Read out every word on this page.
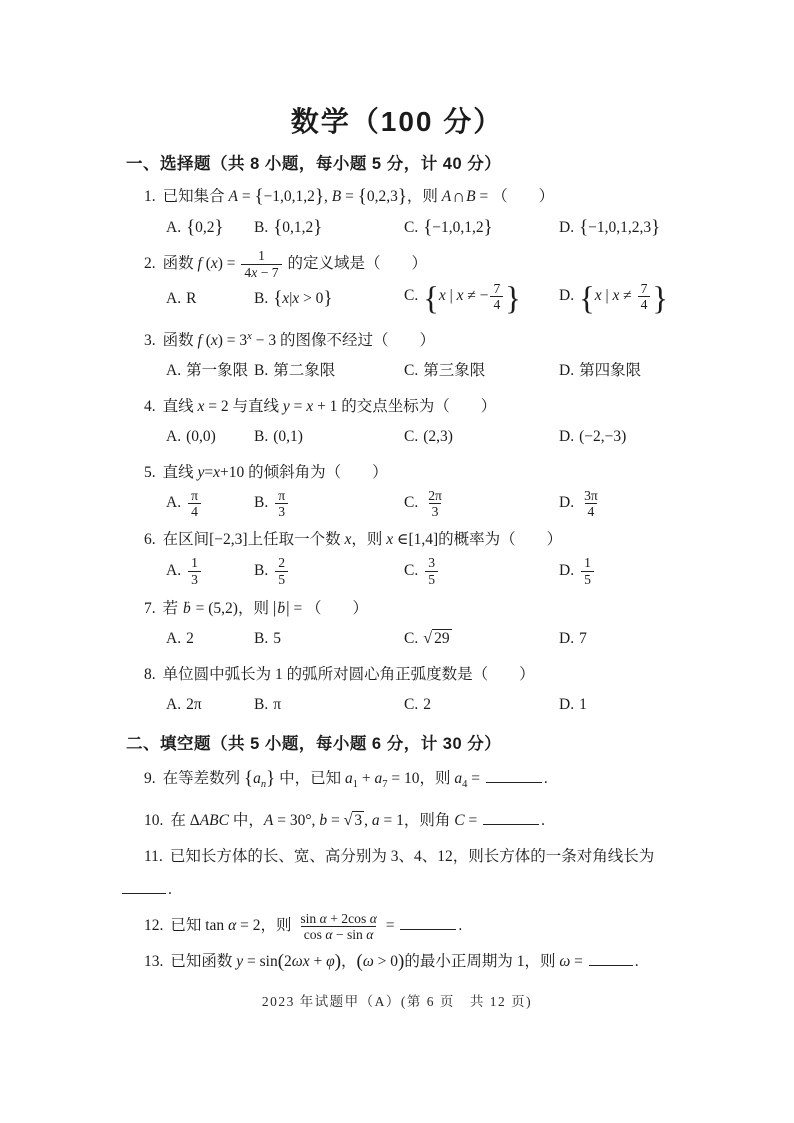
数学（100 分）
一、选择题（共 8 小题，每小题 5 分，计 40 分）
1. 已知集合 A = {−1,0,1,2}, B = {0,2,3}，则 A∩B = （  ）
A. {0,2}	B. {0,1,2}	C. {−1,0,1,2}	D. {−1,0,1,2,3}
2. 函数 f $(x) = \frac{1}{4x - 7}$ 的定义域是（  ）
A. R	B. {x|x > 0}	C. {x | x ≠ − $\frac{7}{4}$ }	D. {x | $x \ne \frac{7}{4}$ }
3. 函数 f $(x) = 3^x - 3$ 的图像不经过（  ）
A. 第一象限 B. 第二象限	C. 第三象限	D. 第四象限
4. 直线 x = 2 与直线 y = x + 1 的交点坐标为（  ）
A. (0,0)	B. (0,1)	C. (2,3)	D. (−2,−3)
5. 直线 y=x+10 的倾斜角为（  ）
A. $\frac{\pi}{4}$	B. $\frac{\pi}{3}$	C. $\frac{2\pi}{3}$	D. $\frac{3\pi}{4}$
6. 在区间[−2,3]上任取一个数 x，则 x ∈[1,4]的概率为（  ）
A. $\frac{1}{3}$	B. $\frac{2}{5}$	C. $\frac{3}{5}$	D. $\frac{1}{5}$
7. 若 → b = (5,2)，则 |→ b| = （  ）
A. 2	B. 5	C. √ 29	D. 7
8. 单位圆中弧长为 1 的弧所对圆心角正弧度数是（  ）
A. 2π	B. π	C. 2	D. 1
二、填空题（共 5 小题，每小题 6 分，计 30 分）
9. 在等差数列 $\{a_n\}$ 中，已知 $a_1 + a_7 = 10$，则 $a_4$ =	.
10. 在 ΔABC 中，A = 30°, b = √ 3 , a = 1，则角 C =	.
11. 已知长方体的长、宽、高分别为 3、4、12，则长方体的一条对角线长为
.
12. 已知 tan α = 2，则 $\frac{\text{sin α + 2cos α}}{\text{cos α − sin α}}$ =	.
13. 已知函数 y = sin(2ωx + φ)，(ω > 0)的最小正周期为 1，则 ω =	.
2023 年试题甲（A）(第 6 页　共 12 页)
